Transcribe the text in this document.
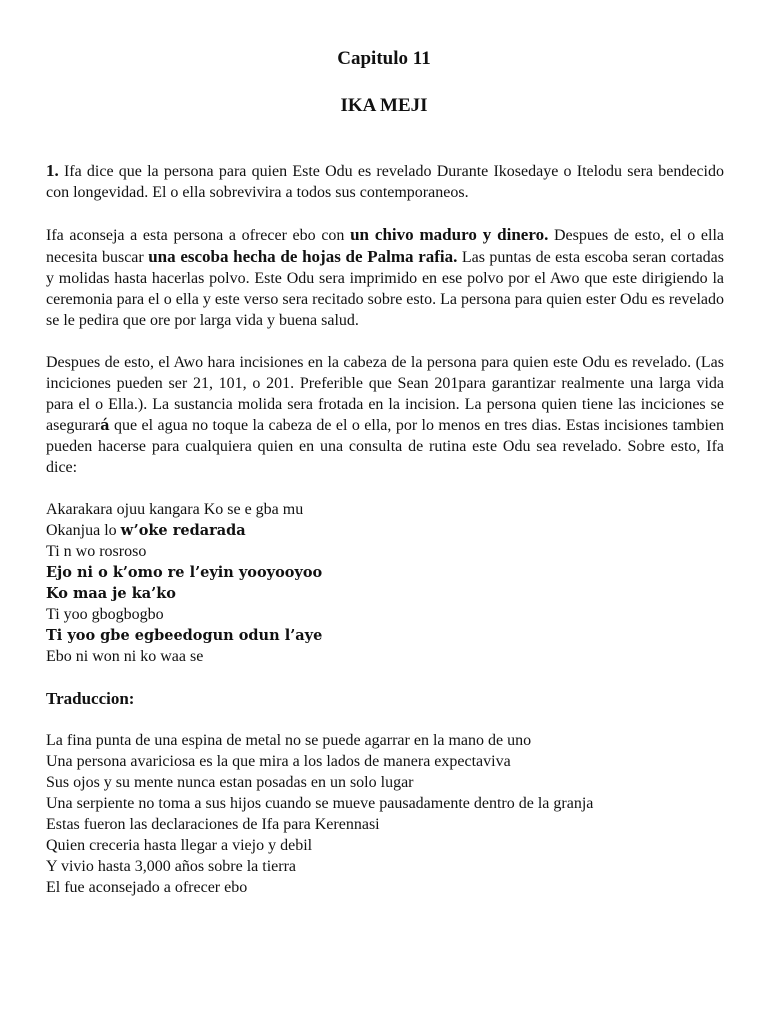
Capitulo 11
IKA MEJI

1. Ifa dice que la persona para quien Este Odu es revelado Durante Ikosedaye o Itelodu sera bendecido con longevidad. El o ella sobrevivira a todos sus contemporaneos.

Ifa aconseja a esta persona a ofrecer ebo con un chivo maduro y dinero. Despues de esto, el o ella necesita buscar una escoba hecha de hojas de Palma rafia. Las puntas de esta escoba seran cortadas y molidas hasta hacerlas polvo. Este Odu sera imprimido en ese polvo por el Awo que este dirigiendo la ceremonia para el o ella y este verso sera recitado sobre esto. La persona para quien ester Odu es revelado se le pedira que ore por larga vida y buena salud.

Despues de esto, el Awo hara incisiones en la cabeza de la persona para quien este Odu es revelado. (Las inciciones pueden ser 21, 101, o 201. Preferible que Sean 201para garantizar realmente una larga vida para el o Ella.). La sustancia molida sera frotada en la incision. La persona quien tiene las inciciones se asegurará que el agua no toque la cabeza de el o ella, por lo menos en tres dias. Estas incisiones tambien pueden hacerse para cualquiera quien en una consulta de rutina este Odu sea revelado. Sobre esto, Ifa dice:

Akarakara ojuu kangara Ko se e gba mu
Okanjua lo w’oke redarada
Ti n wo rosroso
Ejo ni o k’omo re l’eyin yooyooyoo
Ko maa je ka’ko
Ti yoo gbogbogbo
Ti yoo gbe egbeedogun odun l’aye
Ebo ni won ni ko waa se
Traduccion:
La fina punta de una espina de metal no se puede agarrar en la mano de uno
Una persona avariciosa es la que mira a los lados de manera expectaviva
Sus ojos y su mente nunca estan posadas en un solo lugar
Una serpiente no toma a sus hijos cuando se mueve pausadamente dentro de la granja
Estas fueron las declaraciones de Ifa para Kerennasi
Quien creceria hasta llegar a viejo y debil
Y vivio hasta 3,000 años sobre la tierra
El fue aconsejado a ofrecer ebo
